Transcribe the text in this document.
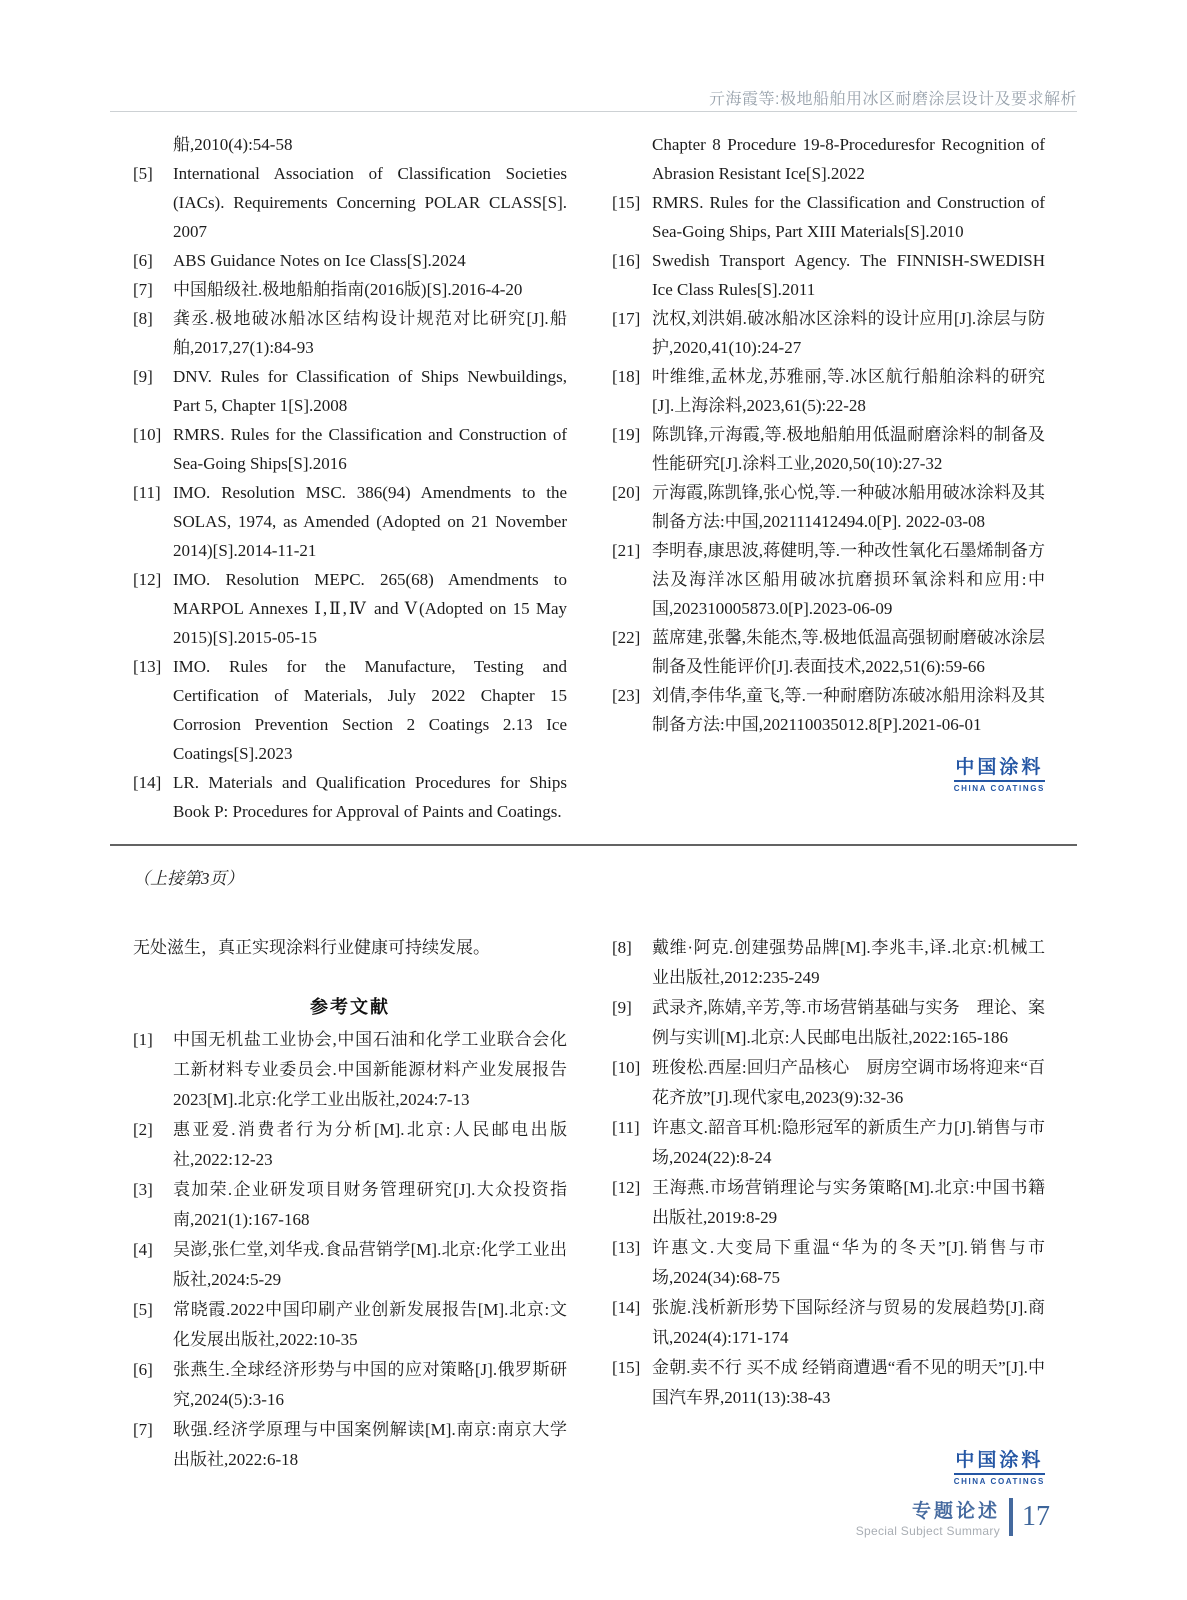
亓海霞等:极地船舶用冰区耐磨涂层设计及要求解析
船,2010(4):54-58
[5]	International Association of Classification Societies (IACs). Requirements Concerning POLAR CLASS[S]. 2007
[6]	ABS Guidance Notes on Ice Class[S].2024
[7]	中国船级社.极地船舶指南(2016版)[S].2016-4-20
[8]	龚丞.极地破冰船冰区结构设计规范对比研究[J].船舶,2017,27(1):84-93
[9]	DNV. Rules for Classification of Ships Newbuildings, Part 5, Chapter 1[S].2008
[10] RMRS. Rules for the Classification and Construction of Sea-Going Ships[S].2016
[11] IMO. Resolution MSC. 386(94) Amendments to the SOLAS, 1974, as Amended (Adopted on 21 November 2014)[S].2014-11-21
[12] IMO. Resolution MEPC. 265(68) Amendments to MARPOL Annexes Ⅰ,Ⅱ,Ⅳ and Ⅴ(Adopted on 15 May 2015)[S].2015-05-15
[13] IMO. Rules for the Manufacture, Testing and Certification of Materials, July 2022 Chapter 15 Corrosion Prevention Section 2 Coatings 2.13 Ice Coatings[S].2023
[14] LR. Materials and Qualification Procedures for Ships Book P: Procedures for Approval of Paints and Coatings.
Chapter 8 Procedure 19-8-Proceduresfor Recognition of Abrasion Resistant Ice[S].2022
[15] RMRS. Rules for the Classification and Construction of Sea-Going Ships, Part XIII Materials[S].2010
[16] Swedish Transport Agency. The FINNISH-SWEDISH Ice Class Rules[S].2011
[17] 沈权,刘洪娟.破冰船冰区涂料的设计应用[J].涂层与防护,2020,41(10):24-27
[18] 叶维维,孟林龙,苏雅丽,等.冰区航行船舶涂料的研究[J].上海涂料,2023,61(5):22-28
[19] 陈凯锋,亓海霞,等.极地船舶用低温耐磨涂料的制备及性能研究[J].涂料工业,2020,50(10):27-32
[20] 亓海霞,陈凯锋,张心悦,等.一种破冰船用破冰涂料及其制备方法:中国,202111412494.0[P]. 2022-03-08
[21] 李明春,康思波,蒋健明,等.一种改性氧化石墨烯制备方法及海洋冰区船用破冰抗磨损环氧涂料和应用:中国,202310005873.0[P].2023-06-09
[22] 蓝席建,张馨,朱能杰,等.极地低温高强韧耐磨破冰涂层制备及性能评价[J].表面技术,2022,51(6):59-66
[23] 刘倩,李伟华,童飞,等.一种耐磨防冻破冰船用涂料及其制备方法:中国,202110035012.8[P].2021-06-01
中国涂料
CHINA COATINGS
（上接第3页）

无处滋生，真正实现涂料行业健康可持续发展。

参考文献
[1]	中国无机盐工业协会,中国石油和化学工业联合会化工新材料专业委员会.中国新能源材料产业发展报告2023[M].北京:化学工业出版社,2024:7-13
[2]	惠亚爱.消费者行为分析[M].北京:人民邮电出版社,2022:12-23
[3]	袁加荣.企业研发项目财务管理研究[J].大众投资指南,2021(1):167-168
[4]	吴澎,张仁堂,刘华戎.食品营销学[M].北京:化学工业出版社,2024:5-29
[5]	常晓霞.2022中国印刷产业创新发展报告[M].北京:文化发展出版社,2022:10-35
[6]	张燕生.全球经济形势与中国的应对策略[J].俄罗斯研究,2024(5):3-16
[7]	耿强.经济学原理与中国案例解读[M].南京:南京大学出版社,2022:6-18
[8]	戴维·阿克.创建强势品牌[M].李兆丰,译.北京:机械工业出版社,2012:235-249
[9]	武录齐,陈婧,辛芳,等.市场营销基础与实务　理论、案例与实训[M].北京:人民邮电出版社,2022:165-186
[10] 班俊松.西屋:回归产品核心　厨房空调市场将迎来“百花齐放”[J].现代家电,2023(9):32-36
[11] 许惠文.韶音耳机:隐形冠军的新质生产力[J].销售与市场,2024(22):8-24
[12] 王海燕.市场营销理论与实务策略[M].北京:中国书籍出版社,2019:8-29
[13] 许惠文.大变局下重温“华为的冬天”[J].销售与市场,2024(34):68-75
[14] 张旎.浅析新形势下国际经济与贸易的发展趋势[J].商讯,2024(4):171-174
[15] 金朝.卖不行 买不成 经销商遭遇“看不见的明天”[J].中国汽车界,2011(13):38-43
中国涂料
CHINA COATINGS
专题论述
Special Subject Summary 17
